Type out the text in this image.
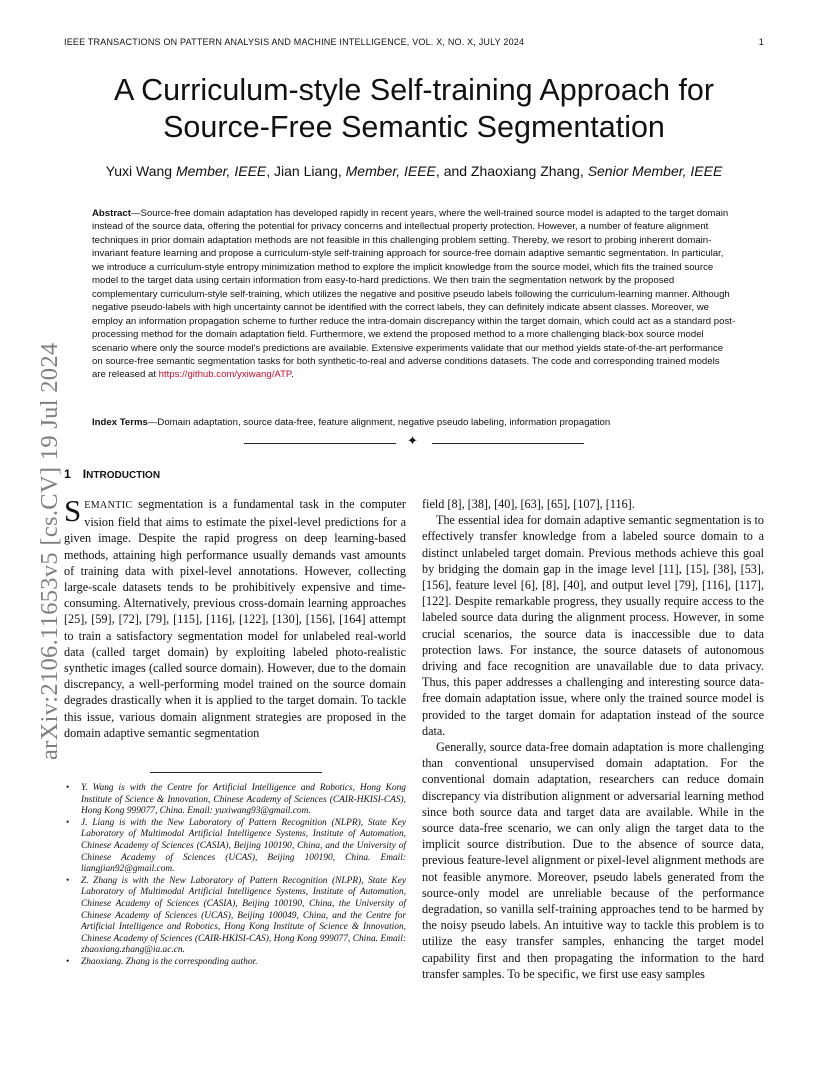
IEEE TRANSACTIONS ON PATTERN ANALYSIS AND MACHINE INTELLIGENCE, VOL. X, NO. X, JULY 2024	1
arXiv:2106.11653v5 [cs.CV] 19 Jul 2024
A Curriculum-style Self-training Approach for
Source-Free Semantic Segmentation
Yuxi Wang Member, IEEE, Jian Liang, Member, IEEE, and Zhaoxiang Zhang, Senior Member, IEEE
Abstract—Source-free domain adaptation has developed rapidly in recent years, where the well-trained source model is adapted to the target domain instead of the source data, offering the potential for privacy concerns and intellectual property protection. However, a number of feature alignment techniques in prior domain adaptation methods are not feasible in this challenging problem setting. Thereby, we resort to probing inherent domain-invariant feature learning and propose a curriculum-style self-training approach for source-free domain adaptive semantic segmentation. In particular, we introduce a curriculum-style entropy minimization method to explore the implicit knowledge from the source model, which fits the trained source model to the target data using certain information from easy-to-hard predictions. We then train the segmentation network by the proposed complementary curriculum-style self-training, which utilizes the negative and positive pseudo labels following the curriculum-learning manner. Although negative pseudo-labels with high uncertainty cannot be identified with the correct labels, they can definitely indicate absent classes. Moreover, we employ an information propagation scheme to further reduce the intra-domain discrepancy within the target domain, which could act as a standard post-processing method for the domain adaptation field. Furthermore, we extend the proposed method to a more challenging black-box source model scenario where only the source model's predictions are available. Extensive experiments validate that our method yields state-of-the-art performance on source-free semantic segmentation tasks for both synthetic-to-real and adverse conditions datasets. The code and corresponding trained models are released at https://github.com/yxiwang/ATP.
Index Terms—Domain adaptation, source data-free, feature alignment, negative pseudo labeling, information propagation
✦
1 INTRODUCTION

SEMANTIC segmentation is a fundamental task in the computer vision field that aims to estimate the pixel-level predictions for a given image. Despite the rapid progress on deep learning-based methods, attaining high performance usually demands vast amounts of training data with pixel-level annotations. However, collecting large-scale datasets tends to be prohibitively expensive and time-consuming. Alternatively, previous cross-domain learning approaches [25], [59], [72], [79], [115], [116], [122], [130], [156], [164] attempt to train a satisfactory segmentation model for unlabeled real-world data (called target domain) by exploiting labeled photo-realistic synthetic images (called source domain). However, due to the domain discrepancy, a well-performing model trained on the source domain degrades drastically when it is applied to the target domain. To tackle this issue, various domain alignment strategies are proposed in the domain adaptive semantic segmentation

• Y. Wang is with the Centre for Artificial Intelligence and Robotics, Hong Kong Institute of Science & Innovation, Chinese Academy of Sciences (CAIR-HKISI-CAS), Hong Kong 999077, China. Email: yuxiwang93@gmail.com.
• J. Liang is with the New Laboratory of Pattern Recognition (NLPR), State Key Laboratory of Multimodal Artificial Intelligence Systems, Institute of Automation, Chinese Academy of Sciences (CASIA), Beijing 100190, China, and the University of Chinese Academy of Sciences (UCAS), Beijing 100190, China. Email: liangjian92@gmail.com.
• Z. Zhang is with the New Laboratory of Pattern Recognition (NLPR), State Key Laboratory of Multimodal Artificial Intelligence Systems, Institute of Automation, Chinese Academy of Sciences (CASIA), Beijing 100190, China, the University of Chinese Academy of Sciences (UCAS), Beijing 100049, China, and the Centre for Artificial Intelligence and Robotics, Hong Kong Institute of Science & Innovation, Chinese Academy of Sciences (CAIR-HKISI-CAS), Hong Kong 999077, China. Email: zhaoxiang.zhang@ia.ac.cn.
• Zhaoxiang. Zhang is the corresponding author.

field [8], [38], [40], [63], [65], [107], [116].

The essential idea for domain adaptive semantic segmentation is to effectively transfer knowledge from a labeled source domain to a distinct unlabeled target domain. Previous methods achieve this goal by bridging the domain gap in the image level [11], [15], [38], [53], [156], feature level [6], [8], [40], and output level [79], [116], [117], [122]. Despite remarkable progress, they usually require access to the labeled source data during the alignment process. However, in some crucial scenarios, the source data is inaccessible due to data protection laws. For instance, the source datasets of autonomous driving and face recognition are unavailable due to data privacy. Thus, this paper addresses a challenging and interesting source data-free domain adaptation issue, where only the trained source model is provided to the target domain for adaptation instead of the source data.

Generally, source data-free domain adaptation is more challenging than conventional unsupervised domain adaptation. For the conventional domain adaptation, researchers can reduce domain discrepancy via distribution alignment or adversarial learning method since both source data and target data are available. While in the source data-free scenario, we can only align the target data to the implicit source distribution. Due to the absence of source data, previous feature-level alignment or pixel-level alignment methods are not feasible anymore. Moreover, pseudo labels generated from the source-only model are unreliable because of the performance degradation, so vanilla self-training approaches tend to be harmed by the noisy pseudo labels. An intuitive way to tackle this problem is to utilize the easy transfer samples, enhancing the target model capability first and then propagating the information to the hard transfer samples. To be specific, we first use easy samples
